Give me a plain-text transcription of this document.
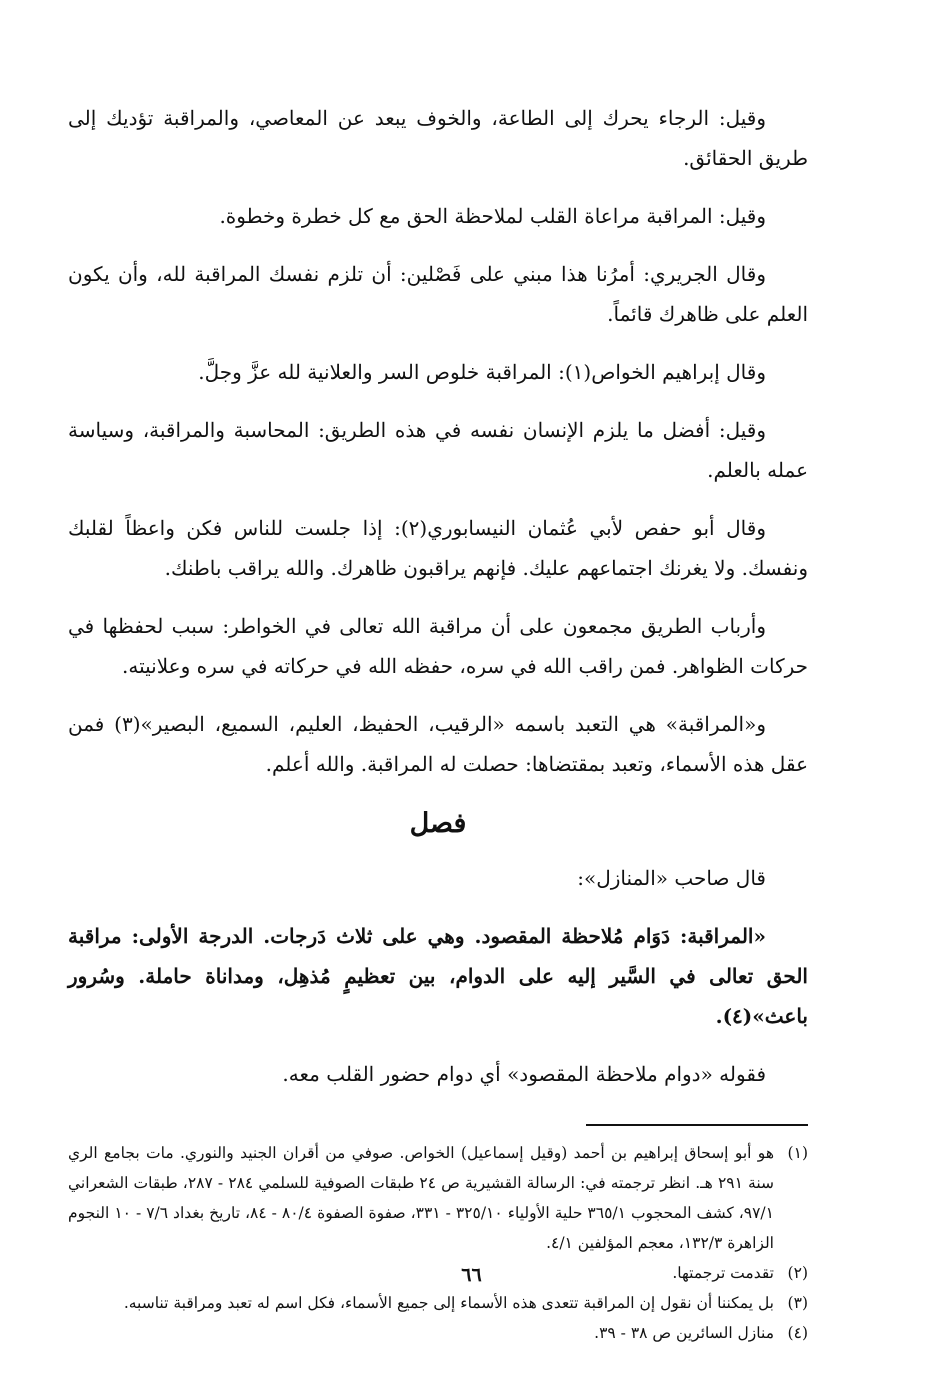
وقيل: الرجاء يحرك إلى الطاعة، والخوف يبعد عن المعاصي، والمراقبة تؤديك إلى طريق الحقائق.

وقيل: المراقبة مراعاة القلب لملاحظة الحق مع كل خطرة وخطوة.

وقال الجريري: أمرُنا هذا مبني على فَصْلين: أن تلزم نفسك المراقبة لله، وأن يكون العلم على ظاهرك قائماً.

وقال إبراهيم الخواص(١): المراقبة خلوص السر والعلانية لله عزَّ وجلَّ.

وقيل: أفضل ما يلزم الإنسان نفسه في هذه الطريق: المحاسبة والمراقبة، وسياسة عمله بالعلم.

وقال أبو حفص لأبي عُثمان النيسابوري(٢): إذا جلست للناس فكن واعظاً لقلبك ونفسك. ولا يغرنك اجتماعهم عليك. فإنهم يراقبون ظاهرك. والله يراقب باطنك.

وأرباب الطريق مجمعون على أن مراقبة الله تعالى في الخواطر: سبب لحفظها في حركات الظواهر. فمن راقب الله في سره، حفظه الله في حركاته في سره وعلانيته.

و«المراقبة» هي التعبد باسمه «الرقيب، الحفيظ، العليم، السميع، البصير»(٣) فمن عقل هذه الأسماء، وتعبد بمقتضاها: حصلت له المراقبة. والله أعلم.

فصل

قال صاحب «المنازل»:

«المراقبة: دَوَام مُلاحظة المقصود. وهي على ثلاث دَرجات. الدرجة الأولى: مراقبة الحق تعالى في السَّير إليه على الدوام، بين تعظيمٍ مُذهِل، ومداناة حاملة. وسُرور باعث»(٤).

فقوله «دوام ملاحظة المقصود» أي دوام حضور القلب معه.

(١)
هو أبو إسحاق إبراهيم بن أحمد (وقيل إسماعيل) الخواص. صوفي من أقران الجنيد والنوري. مات بجامع الري سنة ٢٩١ هـ. انظر ترجمته في: الرسالة القشيرية ص ٢٤ طبقات الصوفية للسلمي ٢٨٤ - ٢٨٧، طبقات الشعراني ٩٧/١، كشف المحجوب ٣٦٥/١ حلية الأولياء ٣٢٥/١٠ - ٣٣١، صفوة الصفوة ٨٠/٤ - ٨٤، تاريخ بغداد ٧/٦ - ١٠ النجوم الزاهرة ١٣٢/٣، معجم المؤلفين ٤/١.
(٢)
تقدمت ترجمتها.
(٣)
بل يمكننا أن نقول إن المراقبة تتعدى هذه الأسماء إلى جميع الأسماء، فكل اسم له تعبد ومراقبة تناسبه.
(٤)
منازل السائرين ص ٣٨ - ٣٩.
٦٦
